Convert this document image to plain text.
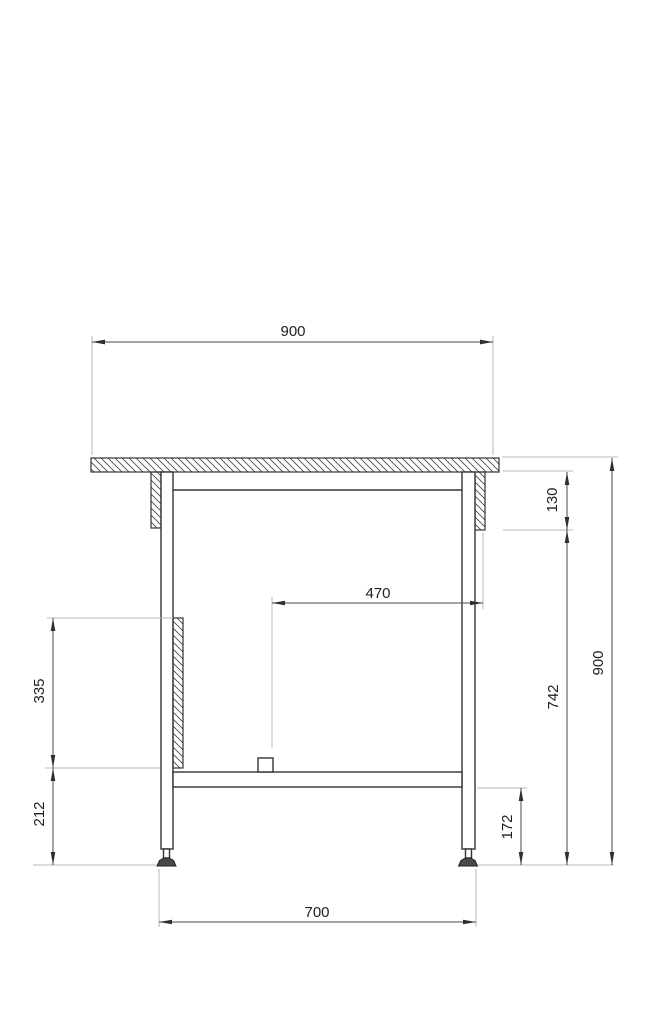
900
470
700
130
742
900
335
212
172
